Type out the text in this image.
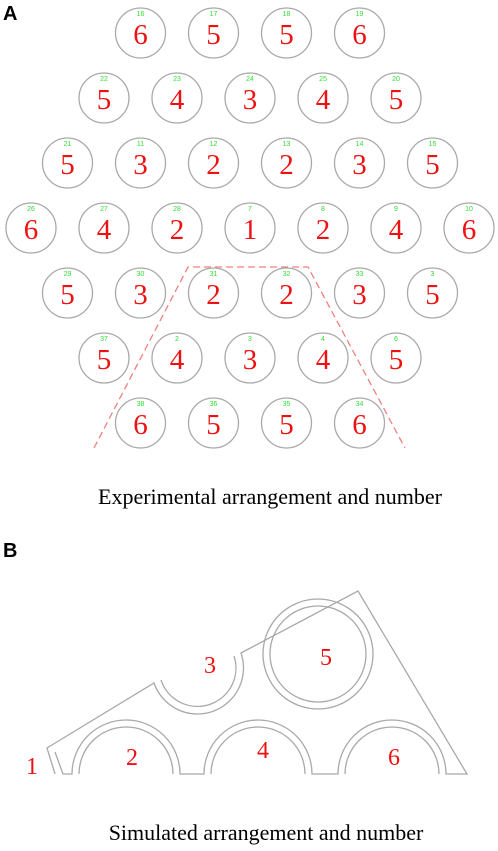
A	16
6
17
5
18
5
19
6
22
5
23
4
24
3
25
4
20
5
21
5
11
3
12
2
13
2
14
3
15
5
26
6
27
4
28
2
7
1
8
2
9
4
10
6
29
5
30
3
31
2
32
2
33
3
3
5
37
5
2
4
3
3
4
4
6
5
38
6
36
5
35
5
34
6
Experimental arrangement and number
B
1	2
3
4
5
6
Simulated arrangement and number
